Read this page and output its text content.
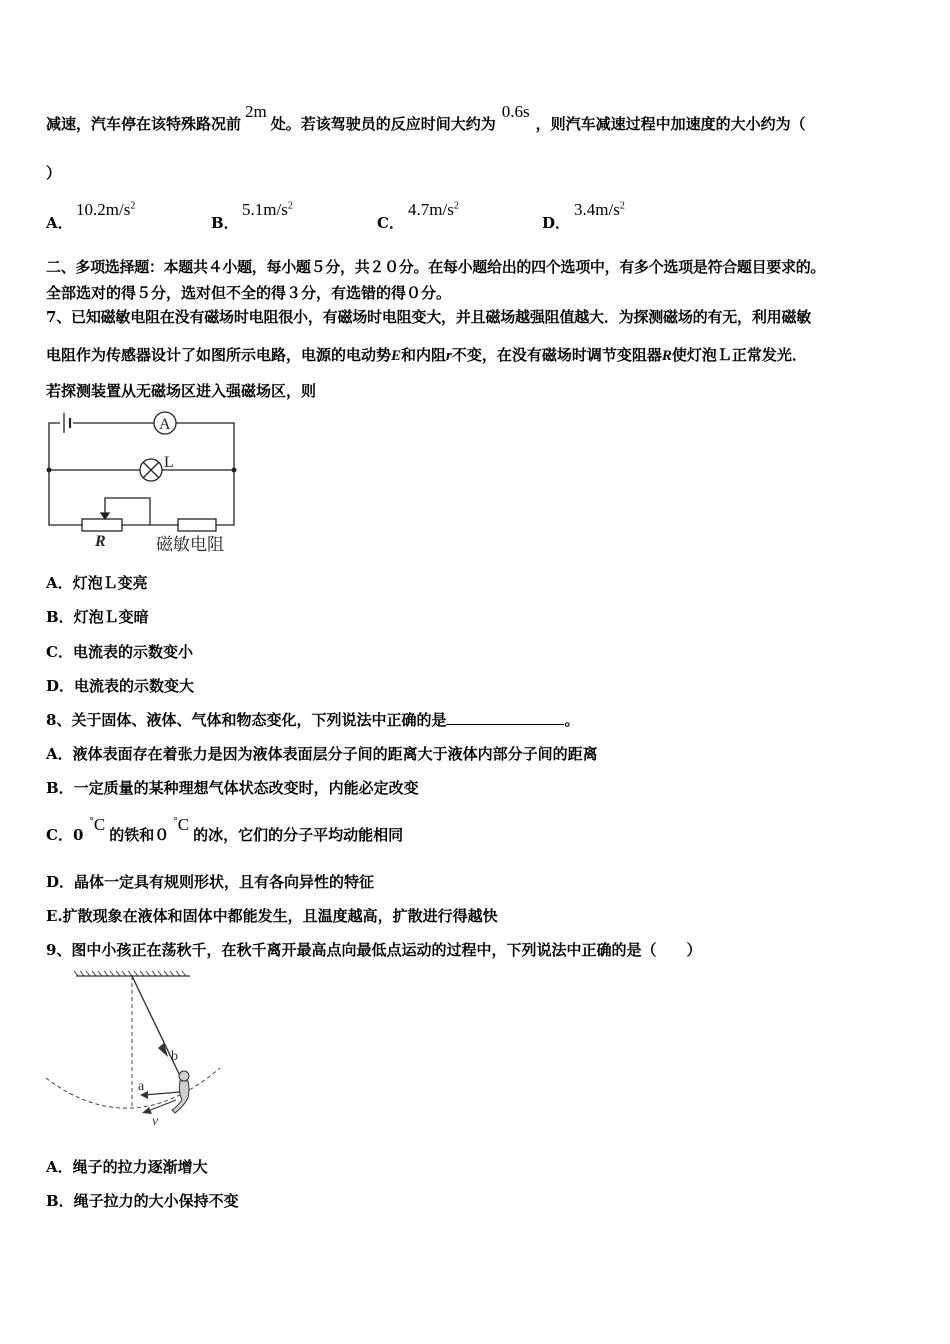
减速，汽车停在该特殊路况前2m处。若该驾驶员的反应时间大约为0.6s，则汽车减速过程中加速度的大小约为（
）
A．
$10.2m/s^2$
B．
$5.1m/s^2$
C．
$4.7m/s^2$
D．
$3.4m/s^2$
二、多项选择题：本题共４小题，每小题５分，共２０分。在每小题给出的四个选项中，有多个选项是符合题目要求的。
全部选对的得５分，选对但不全的得３分，有选错的得０分。
7、已知磁敏电阻在没有磁场时电阻很小，有磁场时电阻变大，并且磁场越强阻值越大．为探测磁场的有无，利用磁敏
电阻作为传感器设计了如图所示电路，电源的电动势E和内阻r不变，在没有磁场时调节变阻器R使灯泡Ｌ正常发光．
若探测装置从无磁场区进入强磁场区，则
A
L
R	磁敏电阻
A．灯泡Ｌ变亮
B．灯泡Ｌ变暗
C．电流表的示数变小
D．电流表的示数变大
8、关于固体、液体、气体和物态变化，下列说法中正确的是	。
A．液体表面存在着张力是因为液体表面层分子间的距离大于液体内部分子间的距离
B．一定质量的某种理想气体状态改变时，内能必定改变
C．0°C的铁和０°C的冰，它们的分子平均动能相同
D．晶体一定具有规则形状，且有各向异性的特征
E.扩散现象在液体和固体中都能发生，且温度越高，扩散进行得越快
9、图中小孩正在荡秋千，在秋千离开最高点向最低点运动的过程中，下列说法中正确的是（　　）
b
a
v
A．绳子的拉力逐渐增大
B．绳子拉力的大小保持不变
